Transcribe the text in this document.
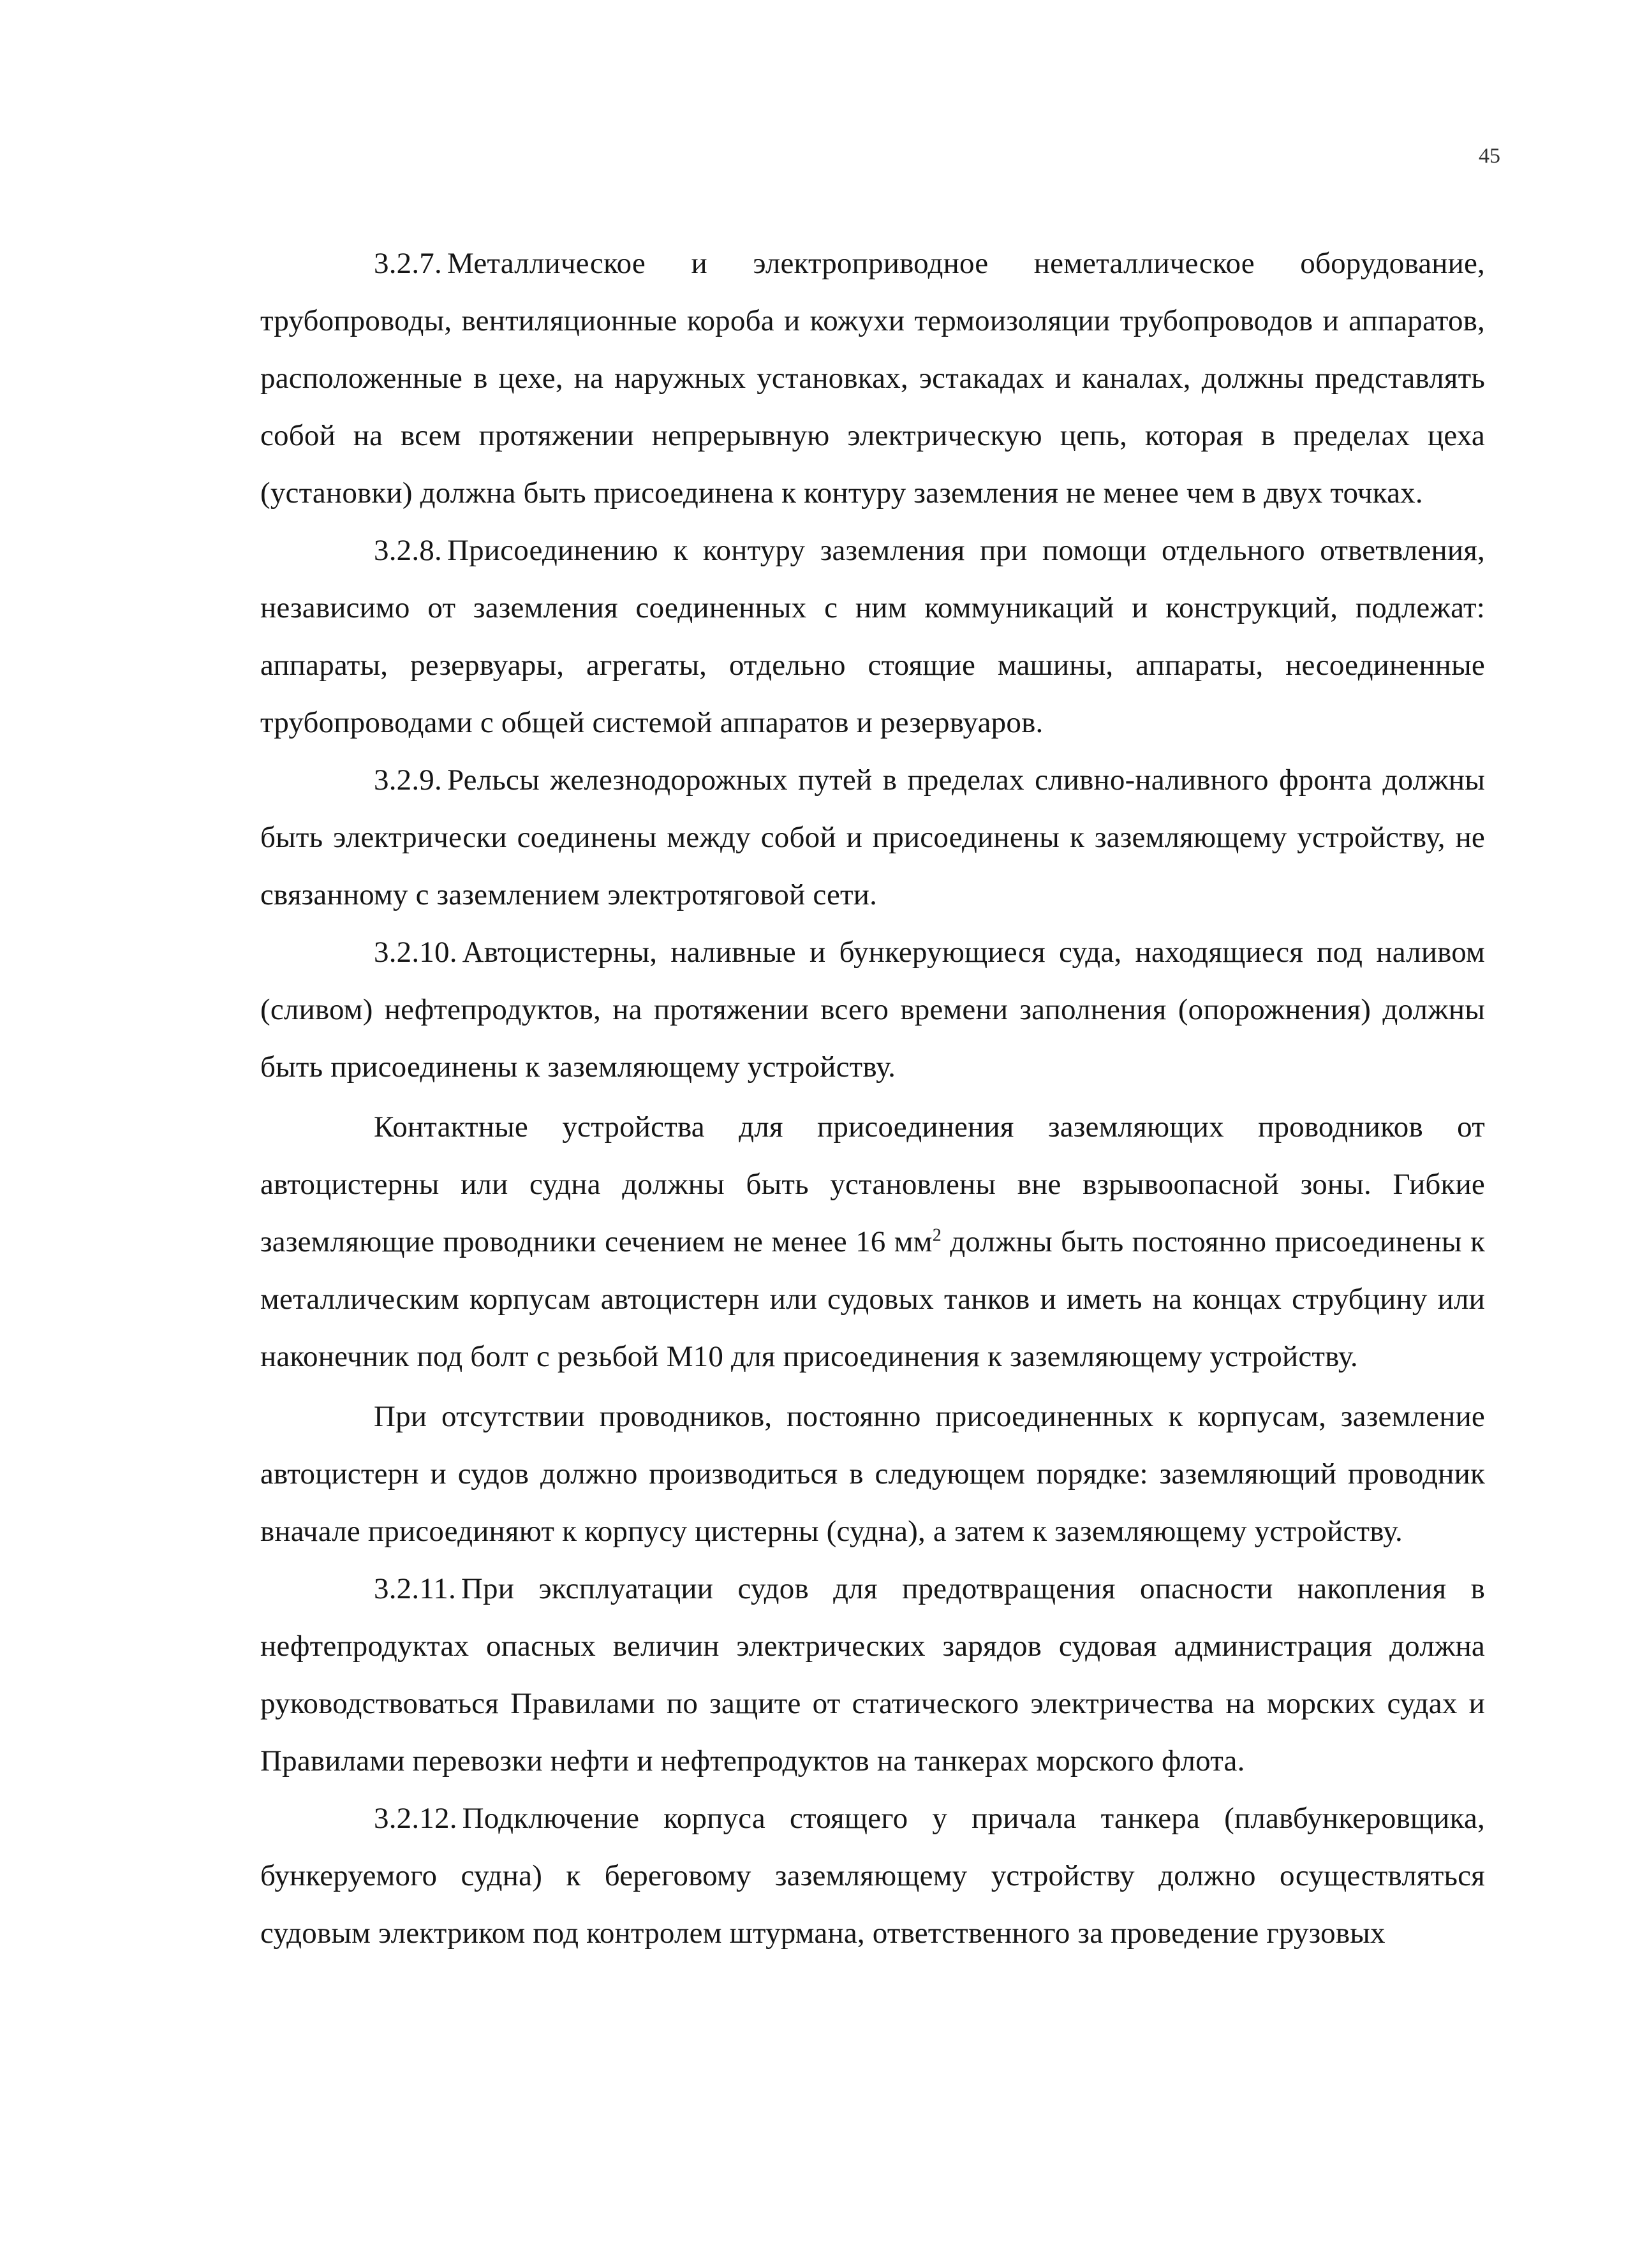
45

3.2.7. Металлическое и электроприводное неметаллическое оборудование, трубопроводы, вентиляционные короба и кожухи термоизоляции трубопроводов и аппаратов, расположенные в цехе, на наружных установках, эстакадах и каналах, должны представлять собой на всем протяжении непрерывную электрическую цепь, которая в пределах цеха (установки) должна быть присоединена к контуру заземления не менее чем в двух точках.

3.2.8. Присоединению к контуру заземления при помощи отдельного ответвления, независимо от заземления соединенных с ним коммуникаций и конструкций, подлежат: аппараты, резервуары, агрегаты, отдельно стоящие машины, аппараты, несоединенные трубопроводами с общей системой аппаратов и резервуаров.

3.2.9. Рельсы железнодорожных путей в пределах сливно-наливного фронта должны быть электрически соединены между собой и присоединены к заземляющему устройству, не связанному с заземлением электротяговой сети.

3.2.10. Автоцистерны, наливные и бункерующиеся суда, находящиеся под наливом (сливом) нефтепродуктов, на протяжении всего времени заполнения (опорожнения) должны быть присоединены к заземляющему устройству.

Контактные устройства для присоединения заземляющих проводников от автоцистерны или судна должны быть установлены вне взрывоопасной зоны. Гибкие заземляющие проводники сечением не менее 16 $мм^2$ должны быть постоянно присоединены к металлическим корпусам автоцистерн или судовых танков и иметь на концах струбцину или наконечник под болт с резьбой М10 для присоединения к заземляющему устройству.

При отсутствии проводников, постоянно присоединенных к корпусам, заземление автоцистерн и судов должно производиться в следующем порядке: заземляющий проводник вначале присоединяют к корпусу цистерны (судна), а затем к заземляющему устройству.

3.2.11. При эксплуатации судов для предотвращения опасности накопления в нефтепродуктах опасных величин электрических зарядов судовая администрация должна руководствоваться Правилами по защите от статического электричества на морских судах и Правилами перевозки нефти и нефтепродуктов на танкерах морского флота.

3.2.12. Подключение корпуса стоящего у причала танкера (плавбункеровщика, бункеруемого судна) к береговому заземляющему устройству должно осуществляться судовым электриком под контролем штурмана, ответственного за проведение грузовых
